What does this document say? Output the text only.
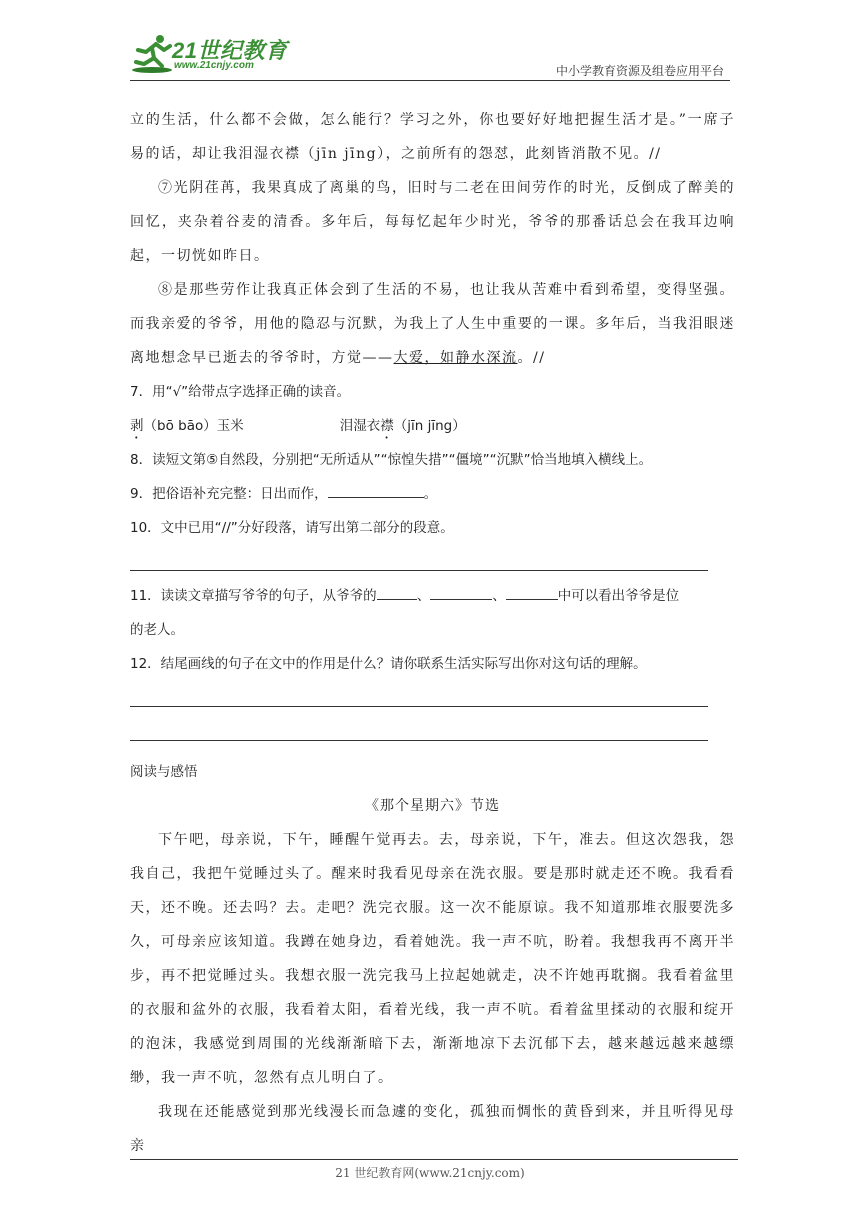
21世纪教育
www.21cnjy.com	中小学教育资源及组卷应用平台

立的生活，什么都不会做，怎么能行？学习之外，你也要好好地把握生活才是。”一席子易的话，却让我泪湿衣襟（jīn jīng），之前所有的怨怼，此刻皆消散不见。//

⑦光阴荏苒，我果真成了离巢的鸟，旧时与二老在田间劳作的时光，反倒成了醉美的回忆，夹杂着谷麦的清香。多年后，每每忆起年少时光，爷爷的那番话总会在我耳边响起，一切恍如昨日。

⑧是那些劳作让我真正体会到了生活的不易，也让我从苦难中看到希望，变得坚强。而我亲爱的爷爷，用他的隐忍与沉默，为我上了人生中重要的一课。多年后，当我泪眼迷离地想念早已逝去的爷爷时，方觉——大爱，如静水深流。//

7．用“√”给带点字选择正确的读音。

剥（bō bāo）玉米	泪湿衣襟（jīn jīng）

8．读短文第⑤自然段，分别把“无所适从”“惊惶失措”“僵境”“沉默”恰当地填入横线上。

9．把俗语补充完整：日出而作，	。

10．文中已用“//”分好段落，请写出第二部分的段意。

11．读读文章描写爷爷的句子，从爷爷的	、	、	中可以看出爷爷是位

的老人。

12．结尾画线的句子在文中的作用是什么？请你联系生活实际写出你对这句话的理解。

阅读与感悟

《那个星期六》节选

下午吧，母亲说，下午，睡醒午觉再去。去，母亲说，下午，准去。但这次怨我，怨我自己，我把午觉睡过头了。醒来时我看见母亲在洗衣服。要是那时就走还不晚。我看看天，还不晚。还去吗？去。走吧？洗完衣服。这一次不能原谅。我不知道那堆衣服要洗多久，可母亲应该知道。我蹲在她身边，看着她洗。我一声不吭，盼着。我想我再不离开半步，再不把觉睡过头。我想衣服一洗完我马上拉起她就走，决不许她再耽搁。我看着盆里的衣服和盆外的衣服，我看着太阳，看着光线，我一声不吭。看着盆里揉动的衣服和绽开的泡沫，我感觉到周围的光线渐渐暗下去，渐渐地凉下去沉郁下去，越来越远越来越缥缈，我一声不吭，忽然有点儿明白了。

我现在还能感觉到那光线漫长而急遽的变化，孤独而惆怅的黄昏到来，并且听得见母亲

21 世纪教育网(www.21cnjy.com)
